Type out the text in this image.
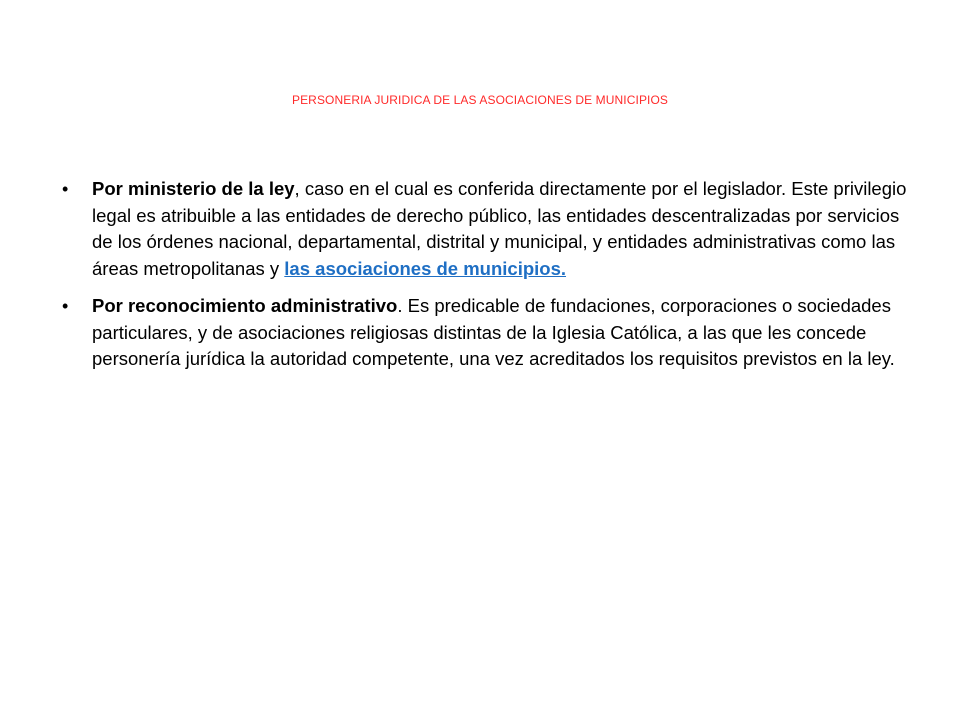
PERSONERIA JURIDICA DE LAS ASOCIACIONES DE MUNICIPIOS
•	Por ministerio de la ley, caso en el cual es conferida directamente por el legislador. Este privilegio legal es atribuible a las entidades de derecho público, las entidades descentralizadas por servicios de los órdenes nacional, departamental, distrital y municipal, y entidades administrativas como las áreas metropolitanas y las asociaciones de municipios.
•	Por reconocimiento administrativo. Es predicable de fundaciones, corporaciones o sociedades particulares, y de asociaciones religiosas distintas de la Iglesia Católica, a las que les concede personería jurídica la autoridad competente, una vez acreditados los requisitos previstos en la ley.
